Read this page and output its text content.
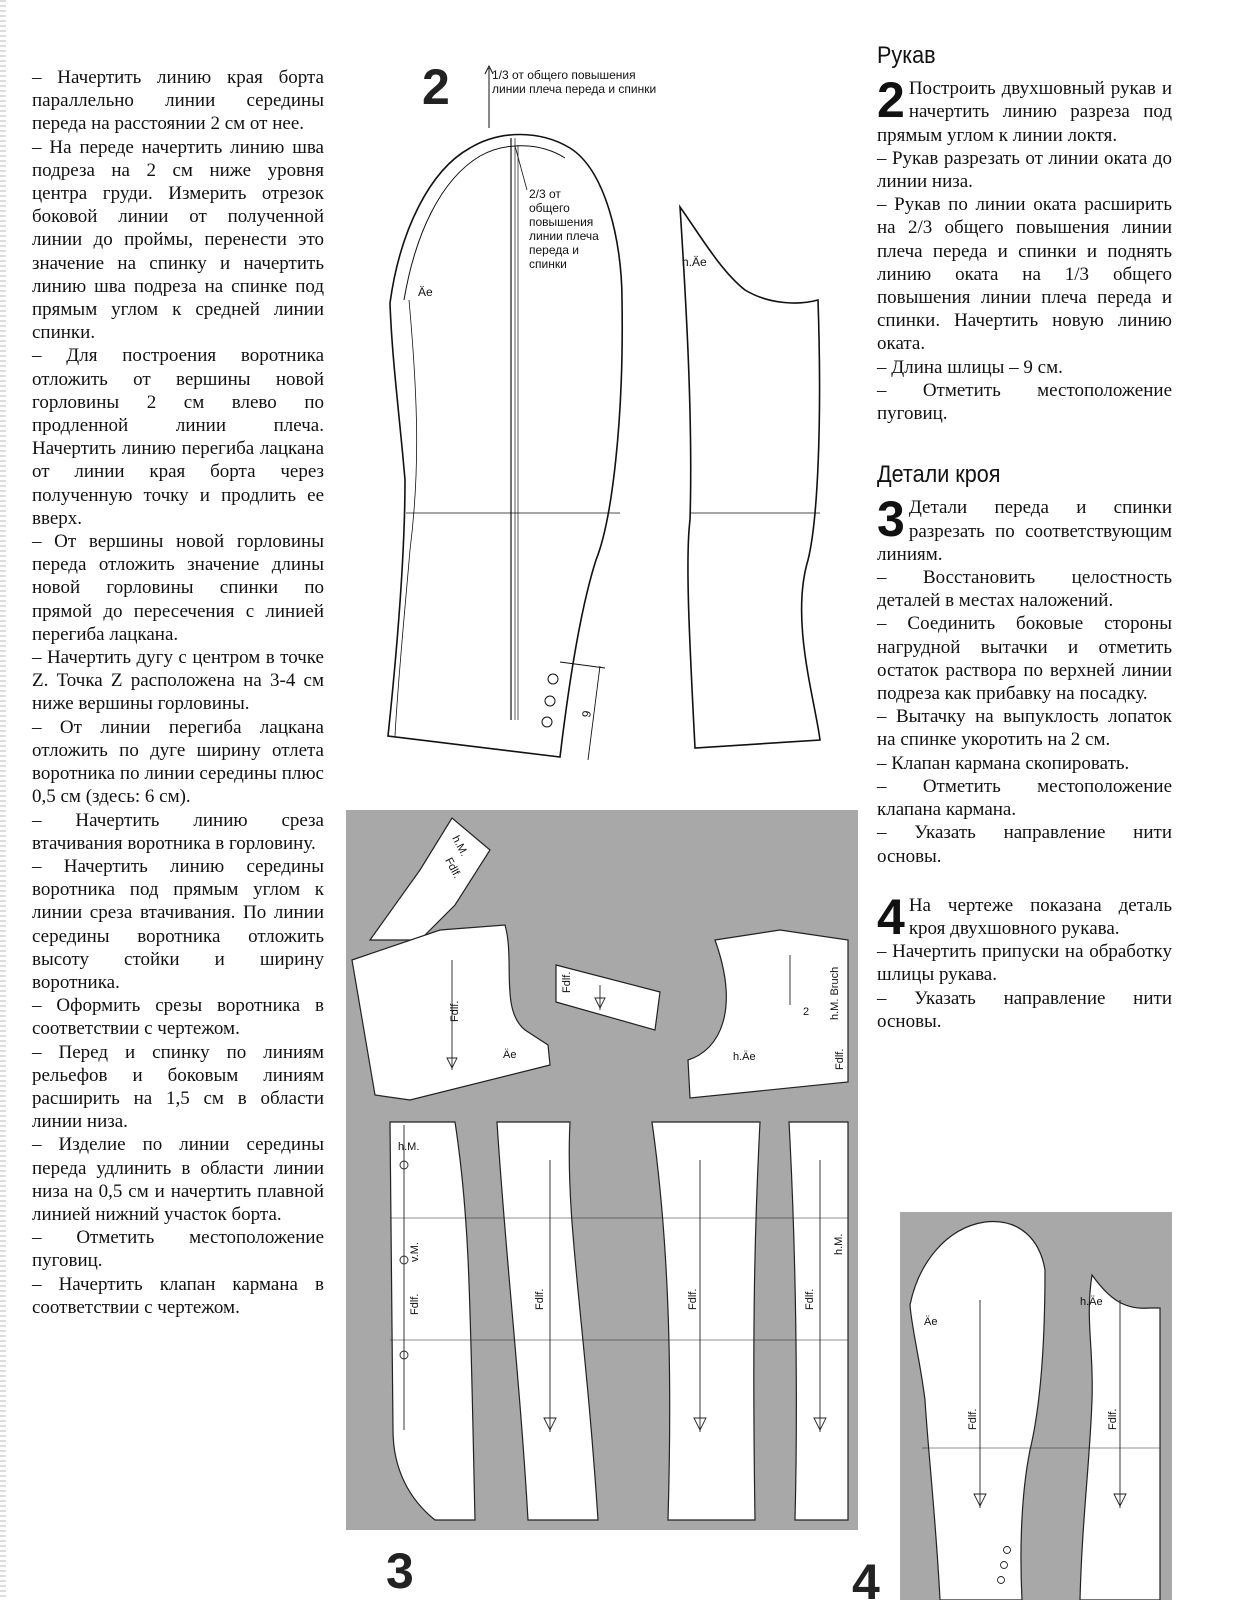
– Начертить линию края борта параллельно линии середины переда на расстоянии 2 см от нее.

– На переде начертить линию шва подреза на 2 см ниже уровня центра груди. Измерить отрезок боковой линии от полученной линии до проймы, перенести это значение на спинку и начертить линию шва подреза на спинке под прямым углом к средней линии спинки.

– Для построения воротника отложить от вершины новой горловины 2 см влево по продленной линии плеча. Начертить линию перегиба лацкана от линии края борта через полученную точку и продлить ее вверх.

– От вершины новой горловины переда отложить значение длины новой горловины спинки по прямой до пересечения с линией перегиба лацкана.

– Начертить дугу с центром в точке Z. Точка Z расположена на 3-4 см ниже вершины горловины.

– От линии перегиба лацкана отложить по дуге ширину отлета воротника по линии середины плюс 0,5 см (здесь: 6 см).

– Начертить линию среза втачивания воротника в горловину.

– Начертить линию середины воротника под прямым углом к линии среза втачивания. По линии середины воротника отложить высоту стойки и ширину воротника.

– Оформить срезы воротника в соответствии с чертежом.

– Перед и спинку по линиям рельефов и боковым линиям расширить на 1,5 см в области линии низа.

– Изделие по линии середины переда удлинить в области линии низа на 0,5 см и начертить плавной линией нижний участок борта.

– Отметить местоположение пуговиц.

– Начертить клапан кармана в соответствии с чертежом.

Рукав

2 Построить двухшовный рукав и начертить линию разреза под прямым углом к линии локтя.

– Рукав разрезать от линии оката до линии низа.

– Рукав по линии оката расширить на 2/3 общего повышения линии плеча переда и спинки и поднять линию оката на 1/3 общего повышения линии плеча переда и спинки. Начертить новую линию оката.

– Длина шлицы – 9 см.

– Отметить местоположение пуговиц.

Детали кроя

3 Детали переда и спинки разрезать по соответствующим линиям.

– Восстановить целостность деталей в местах наложений.

– Соединить боковые стороны нагрудной вытачки и отметить остаток раствора по верхней линии подреза как прибавку на посадку.

– Вытачку на выпуклость лопаток на спинке укоротить на 2 см.

– Клапан кармана скопировать.

– Отметить местоположение клапана кармана.

– Указать направление нити основы.

4 На чертеже показана деталь кроя двухшовного рукава.

– Начертить припуски на обработку шлицы рукава.

– Указать направление нити основы.

2
3	4
1/3 от общего повышения
линии плеча переда и спинки
9
2/3 от
общего
повышения
линии плеча
переда и
спинки
Äe
h.Äe
h.M.
Fdlf.
Fdlf.
Äe
Fdlf.	h.M. Bruch
2
h.Äe	Fdlf.
h.M.
v.M.
Fdlf.	Fdlf.	Fdlf.	Fdlf.
h.M.
Äe
h.Äe
Fdlf.	Fdlf.
